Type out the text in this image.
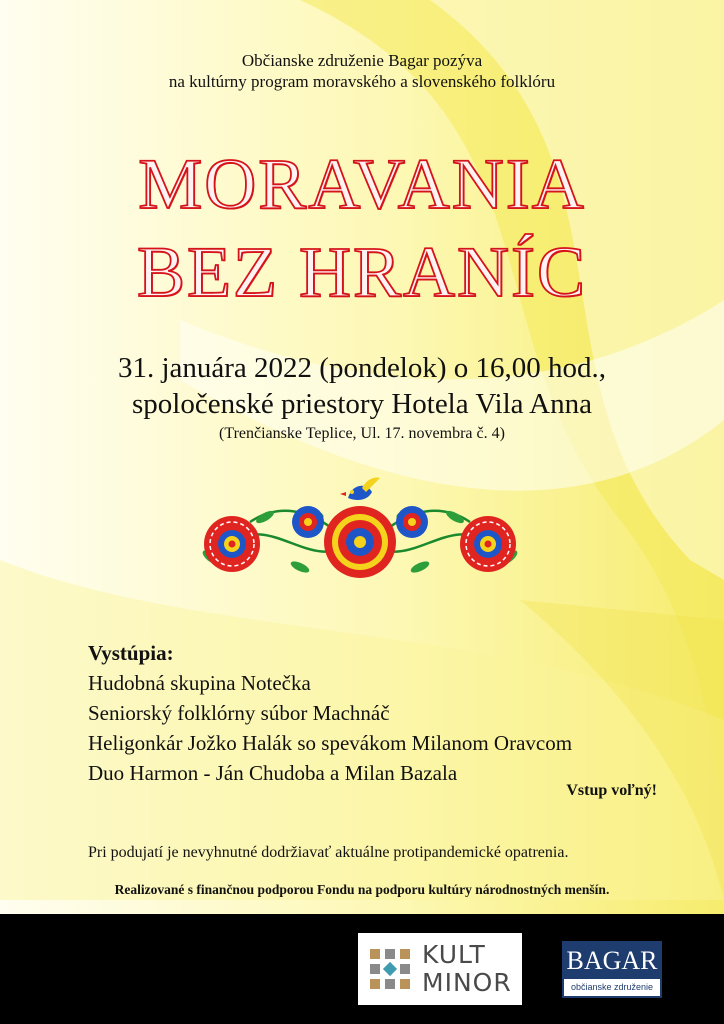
Občianske združenie Bagar pozýva
na kultúrny program moravského a slovenského folklóru
MORAVANIA
BEZ HRANÍC
31. januára 2022 (pondelok) o 16,00 hod.,
spoločenské priestory Hotela Vila Anna
(Trenčianske Teplice, Ul. 17. novembra č. 4)
Vystúpia:
Hudobná skupina Notečka
Seniorský folklórny súbor Machnáč
Heligonkár Jožko Halák so spevákom Milanom Oravcom
Duo Harmon - Ján Chudoba a Milan Bazala
Vstup voľný!
Pri podujatí je nevyhnutné dodržiavať aktuálne protipandemické opatrenia.
Realizované s finančnou podporou Fondu na podporu kultúry národnostných menšín.
KULT
MINOR
BAGAR
občianske združenie
